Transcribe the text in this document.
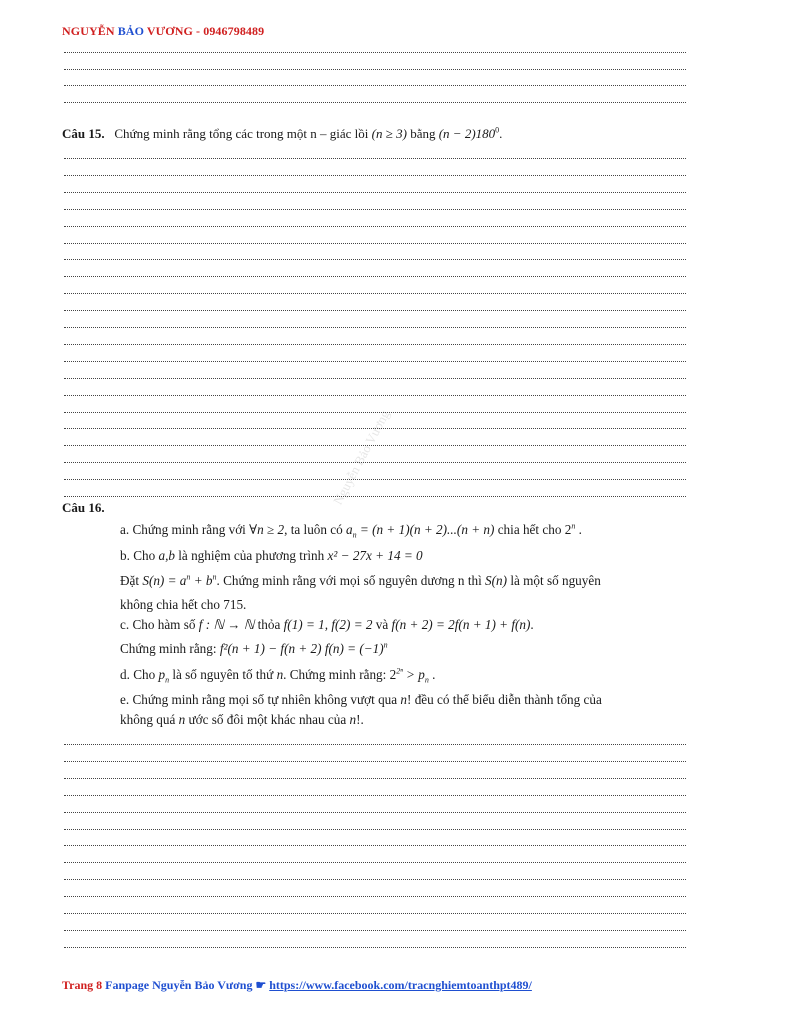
NGUYỄN BẢO VƯƠNG - 0946798489
Nguyễn Bảo Vương
Câu 15. Chứng minh rằng tổng các trong một n – giác lồi (n ≥ 3) bằng $(n - 2)180^0$.
Câu 16.
a. Chứng minh rằng với ∀n ≥ 2, ta luôn có $a_n = (n + 1)(n + 2)...(n + n)$ chia hết cho 2$^n$ .
b. Cho a,b là nghiệm của phương trình x² − 27x + 14 = 0
Đặt $S(n) = a^n + b^n$. Chứng minh rằng với mọi số nguyên dương n thì S(n) là một số nguyên
không chia hết cho 715.
c. Cho hàm số f : ℕ → ℕ thỏa f(1) = 1, f(2) = 2 và f(n + 2) = 2f(n + 1) + f(n).
Chứng minh rằng: f²(n + 1) − f(n + 2) $f(n) = (-1)^n$
d. Cho $p_n$ là số nguyên tố thứ n. Chứng minh rằng: $2^{2^n} > p_n$ .
e. Chứng minh rằng mọi số tự nhiên không vượt qua n! đều có thể biểu diễn thành tổng của
không quá n ước số đôi một khác nhau của n!.
Trang 8 Fanpage Nguyễn Bảo Vương ☛ https://www.facebook.com/tracnghiemtoanthpt489/
